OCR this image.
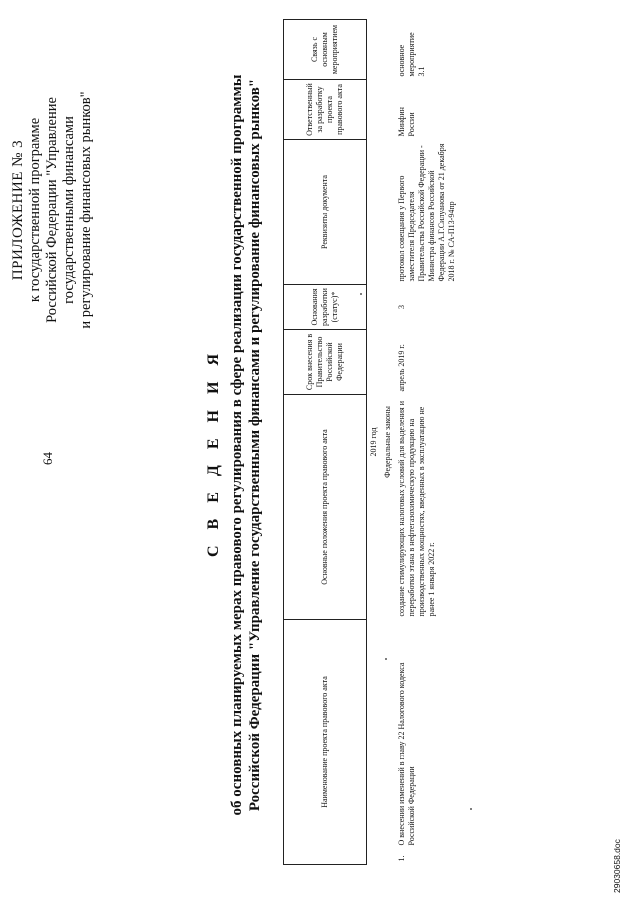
64
ПРИЛОЖЕНИЕ № 3 к государственной программе Российской Федерации "Управление государственными финансами и регулирование финансовых рынков"
С В Е Д Е Н И Я об основных планируемых мерах правового регулирования в сфере реализации государственной программы Российской Федерации "Управление государственными финансами и регулирование финансовых рынков"	Наименование проекта правового акта	Основные положения проекта правового акта	Срок внесения в Правительство Российской Федерации	Основания разработки (статус)*	Реквизиты документа	Ответственный за разработку проекта правового акта	Связь с основным мероприятием
2019 год						
Федеральные законы						

1.
О внесении изменений в главу 22 Налогового кодекса Российской Федерации	создание стимулирующих налоговых условий для выделения и переработки этана в нефтегазохимическую продукцию на производственных мощностях, введенных в эксплуатацию не ранее 1 января 2022 г.	апрель 2019 г.	3	протокол совещания у Первого заместителя Председателя Правительства Российской Федерации - Министра финансов Российской Федерации А.Г.Силуанова от 21 декабря 2018 г. № СА-П13-94пр	Минфин России	основное мероприятие 3.1
29030658.doc
